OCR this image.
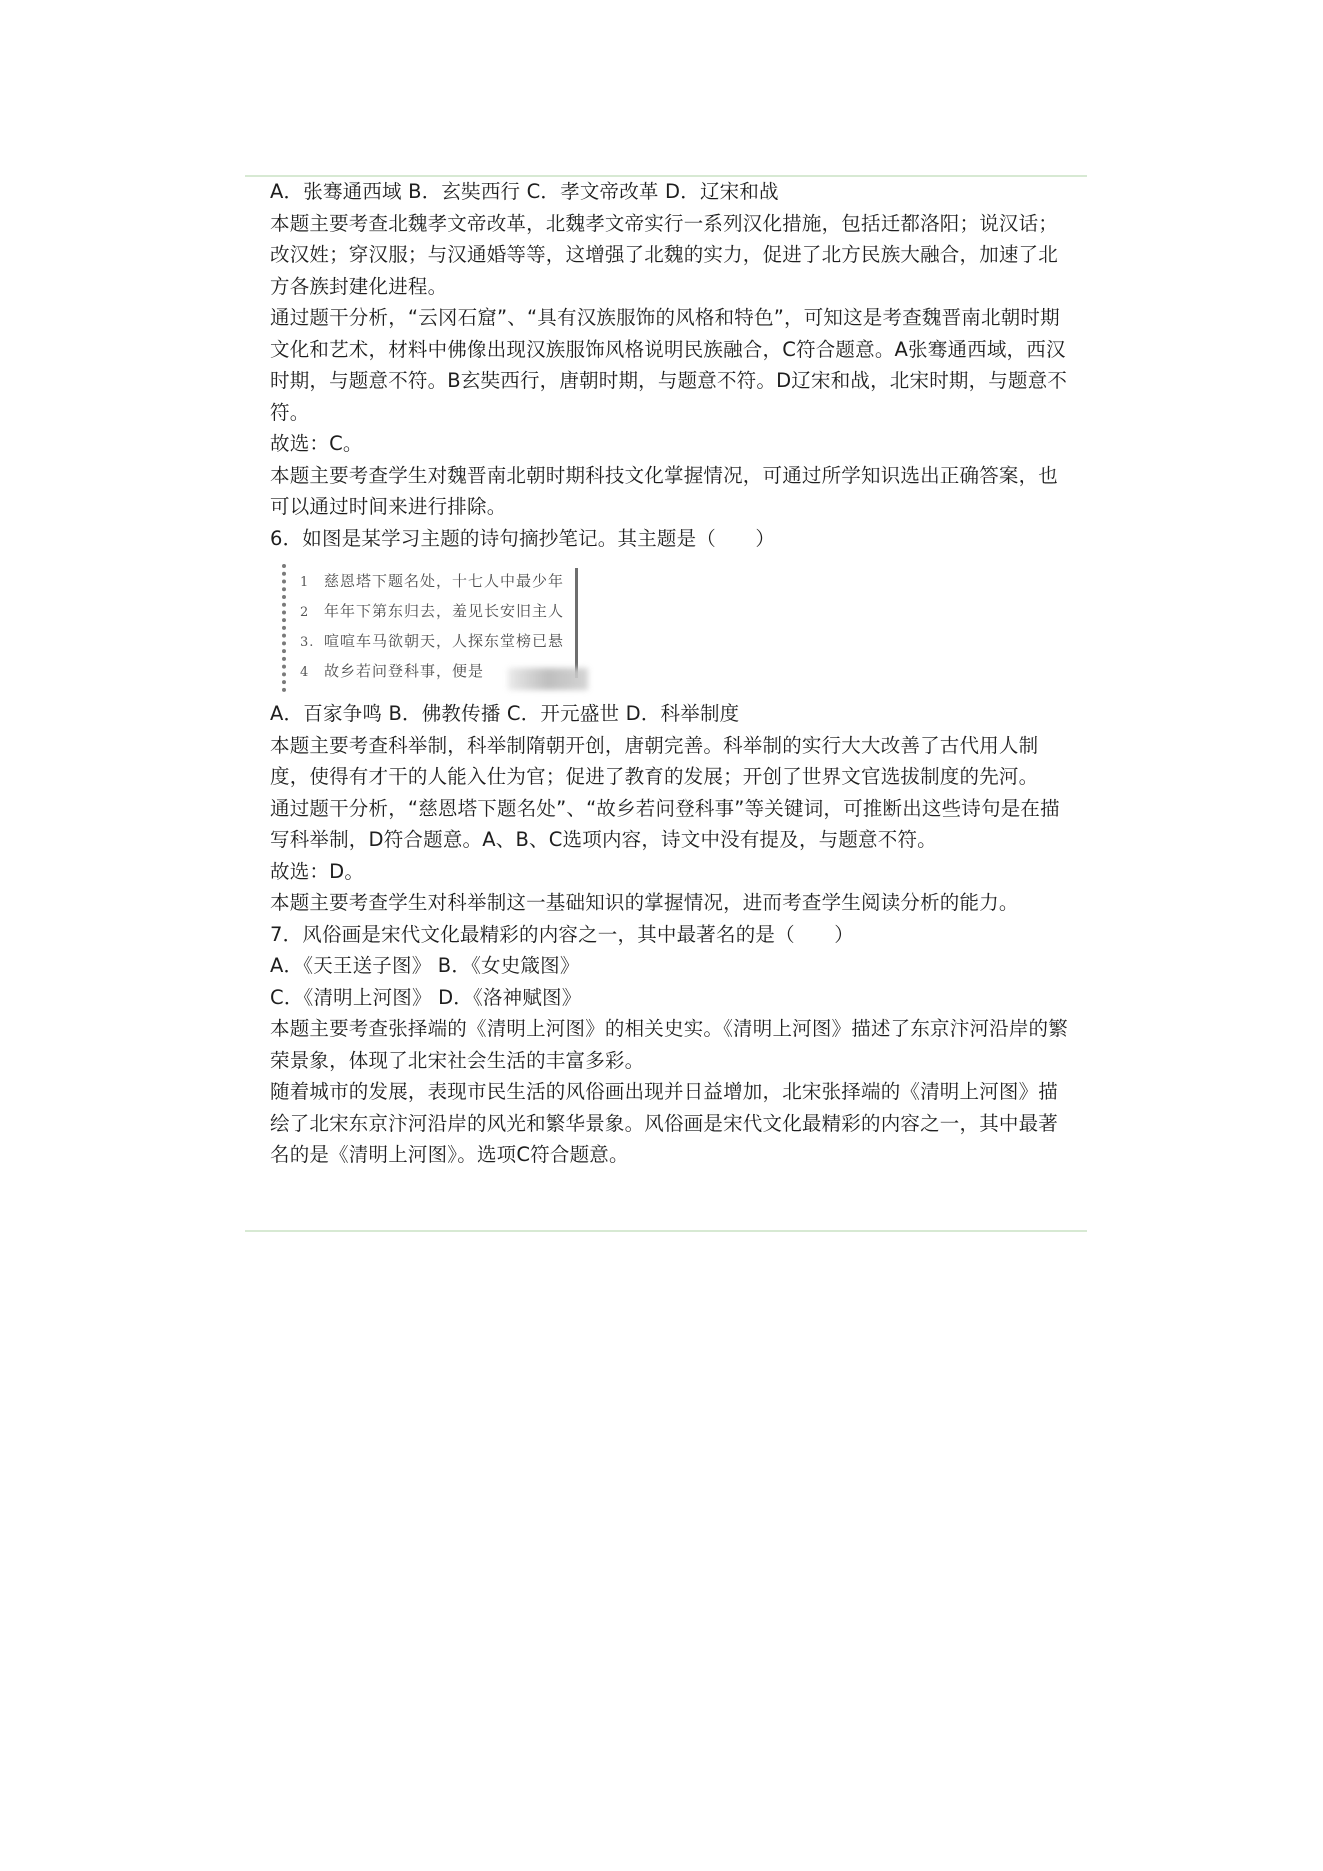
A．张骞通西域 B．玄奘西行 C．孝文帝改革 D．辽宋和战

本题主要考查北魏孝文帝改革，北魏孝文帝实行一系列汉化措施，包括迁都洛阳；说汉话；改汉姓；穿汉服；与汉通婚等等，这增强了北魏的实力，促进了北方民族大融合，加速了北方各族封建化进程。

通过题干分析，“云冈石窟”、“具有汉族服饰的风格和特色”，可知这是考查魏晋南北朝时期文化和艺术，材料中佛像出现汉族服饰风格说明民族融合，C符合题意。A张骞通西域，西汉时期，与题意不符。B玄奘西行，唐朝时期，与题意不符。D辽宋和战，北宋时期，与题意不符。

故选：C。

本题主要考查学生对魏晋南北朝时期科技文化掌握情况，可通过所学知识选出正确答案，也可以通过时间来进行排除。

6．如图是某学习主题的诗句摘抄笔记。其主题是（　　）

1 慈恩塔下题名处，十七人中最少年
2 年年下第东归去，羞见长安旧主人
3. 喧喧车马欲朝天，人探东堂榜已悬
4 故乡若问登科事，便是

A．百家争鸣 B．佛教传播 C．开元盛世 D．科举制度

本题主要考查科举制，科举制隋朝开创，唐朝完善。科举制的实行大大改善了古代用人制度，使得有才干的人能入仕为官；促进了教育的发展；开创了世界文官选拔制度的先河。

通过题干分析，“慈恩塔下题名处”、“故乡若问登科事”等关键词，可推断出这些诗句是在描写科举制，D符合题意。A、B、C选项内容，诗文中没有提及，与题意不符。

故选：D。

本题主要考查学生对科举制这一基础知识的掌握情况，进而考查学生阅读分析的能力。

7．风俗画是宋代文化最精彩的内容之一，其中最著名的是（　　）

A．《天王送子图》 B．《女史箴图》

C．《清明上河图》 D．《洛神赋图》

本题主要考查张择端的《清明上河图》的相关史实。《清明上河图》描述了东京汴河沿岸的繁荣景象，体现了北宋社会生活的丰富多彩。

随着城市的发展，表现市民生活的风俗画出现并日益增加，北宋张择端的《清明上河图》描绘了北宋东京汴河沿岸的风光和繁华景象。风俗画是宋代文化最精彩的内容之一，其中最著名的是《清明上河图》。选项C符合题意。
